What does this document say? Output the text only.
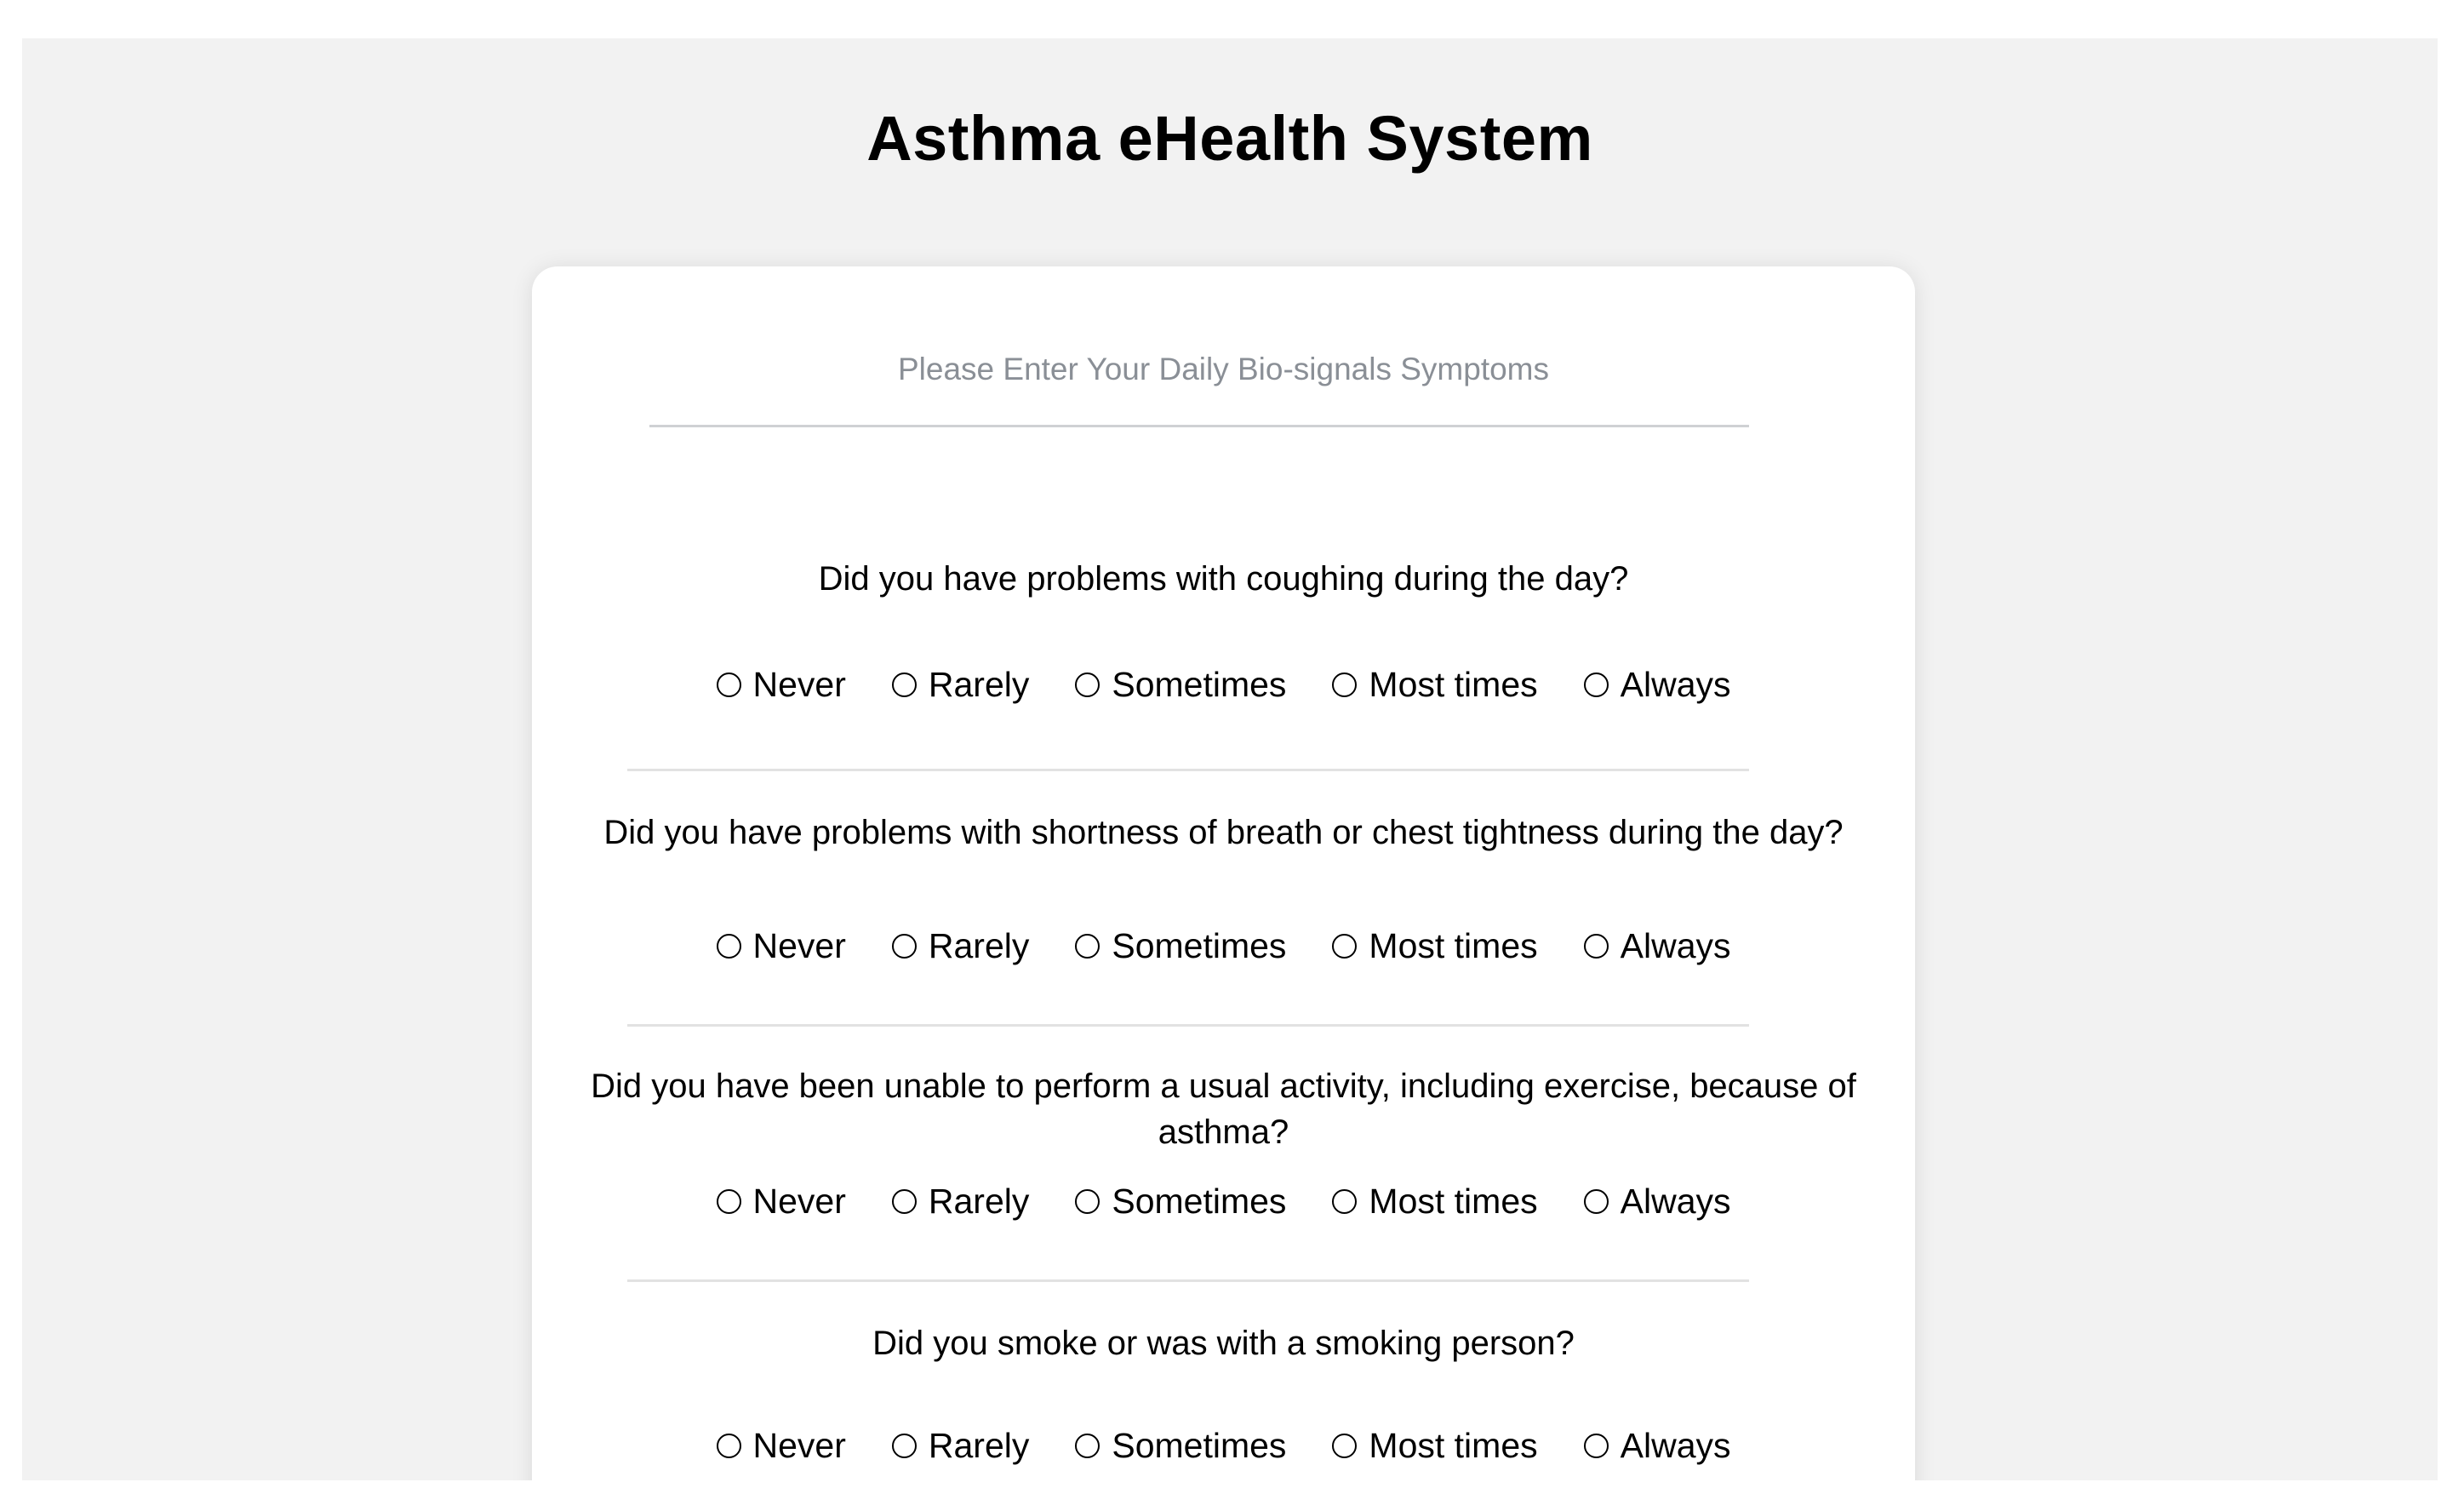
Asthma eHealth System
Please Enter Your Daily Bio-signals Symptoms
Did you have problems with coughing during the day?
Never Rarely Sometimes Most times Always
Did you have problems with shortness of breath or chest tightness during the day?
Never Rarely Sometimes Most times Always
Did you have been unable to perform a usual activity, including exercise, because of asthma?
Never Rarely Sometimes Most times Always
Did you smoke or was with a smoking person?
Never Rarely Sometimes Most times Always
